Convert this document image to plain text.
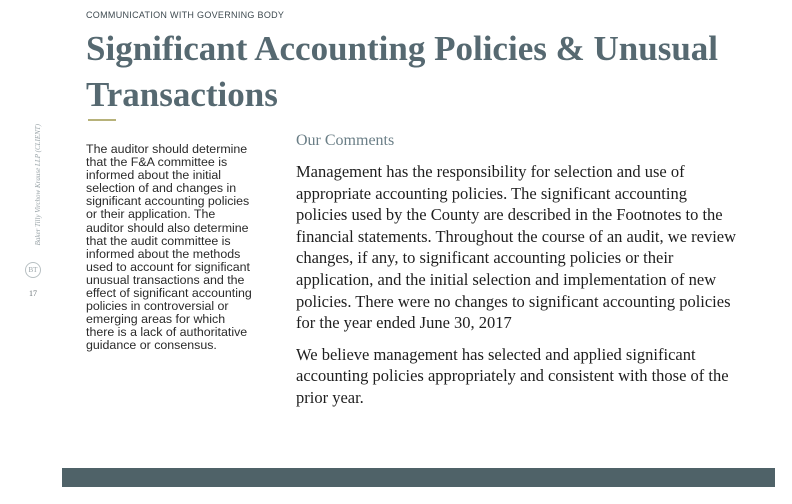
COMMUNICATION WITH GOVERNING BODY
Significant Accounting Policies & Unusual Transactions
Baker Tilly Virchow Krause LLP (CLIENT)
BT
17
The auditor should determine that the F&A committee is informed about the initial selection of and changes in significant accounting policies or their application. The auditor should also determine that the audit committee is informed about the methods used to account for significant unusual transactions and the effect of significant accounting policies in controversial or emerging areas for which there is a lack of authoritative guidance or consensus.
Our Comments

Management has the responsibility for selection and use of appropriate accounting policies. The significant accounting policies used by the County are described in the Footnotes to the financial statements. Throughout the course of an audit, we review changes, if any, to significant accounting policies or their application, and the initial selection and implementation of new policies. There were no changes to significant accounting policies for the year ended June 30, 2017

We believe management has selected and applied significant accounting policies appropriately and consistent with those of the prior year.
